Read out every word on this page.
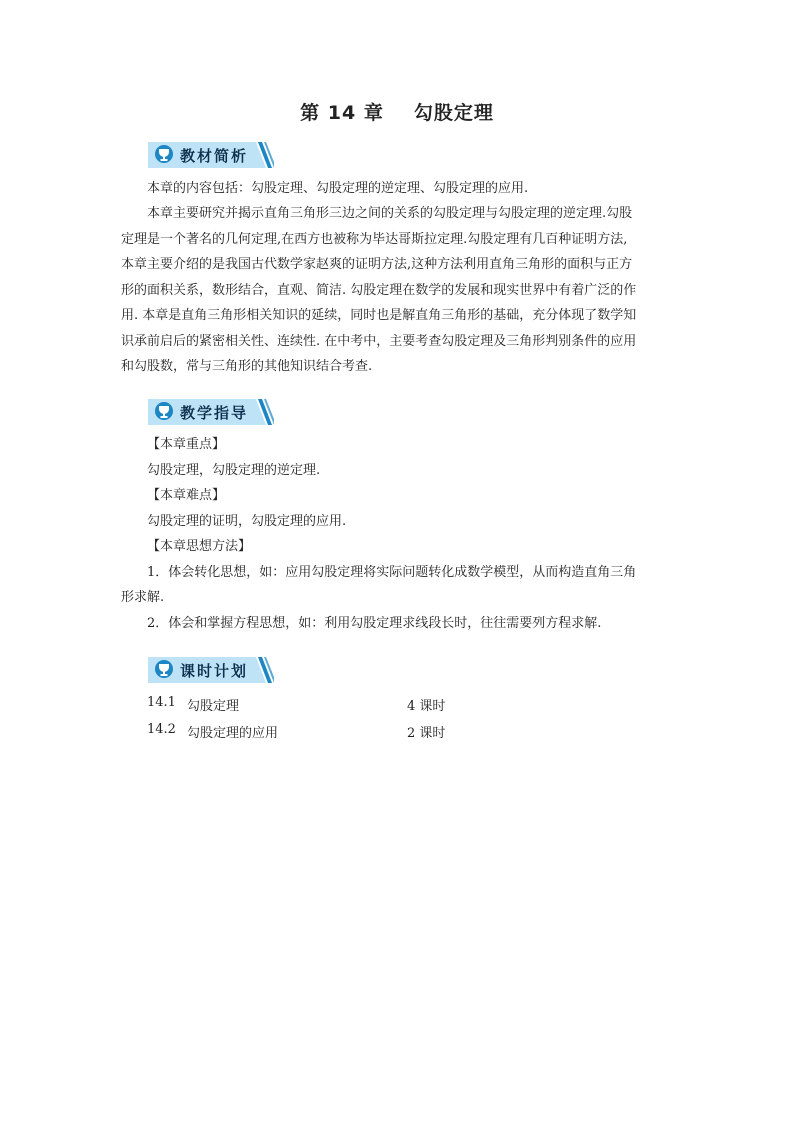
第 14 章 勾股定理
教材简析
本章的内容包括：勾股定理、勾股定理的逆定理、勾股定理的应用.
本章主要研究并揭示直角三角形三边之间的关系的勾股定理与勾股定理的逆定理.勾股
定理是一个著名的几何定理,在西方也被称为毕达哥斯拉定理.勾股定理有几百种证明方法,
本章主要介绍的是我国古代数学家赵爽的证明方法,这种方法利用直角三角形的面积与正方
形的面积关系，数形结合，直观、简洁. 勾股定理在数学的发展和现实世界中有着广泛的作
用. 本章是直角三角形相关知识的延续，同时也是解直角三角形的基础，充分体现了数学知
识承前启后的紧密相关性、连续性. 在中考中，主要考查勾股定理及三角形判别条件的应用
和勾股数，常与三角形的其他知识结合考查.
教学指导
【本章重点】
勾股定理，勾股定理的逆定理.
【本章难点】
勾股定理的证明，勾股定理的应用.
【本章思想方法】
1．体会转化思想，如：应用勾股定理将实际问题转化成数学模型，从而构造直角三角
形求解.
2．体会和掌握方程思想，如：利用勾股定理求线段长时，往往需要列方程求解.
课时计划
14.1 勾股定理	4 课时
14.2 勾股定理的应用	2 课时
